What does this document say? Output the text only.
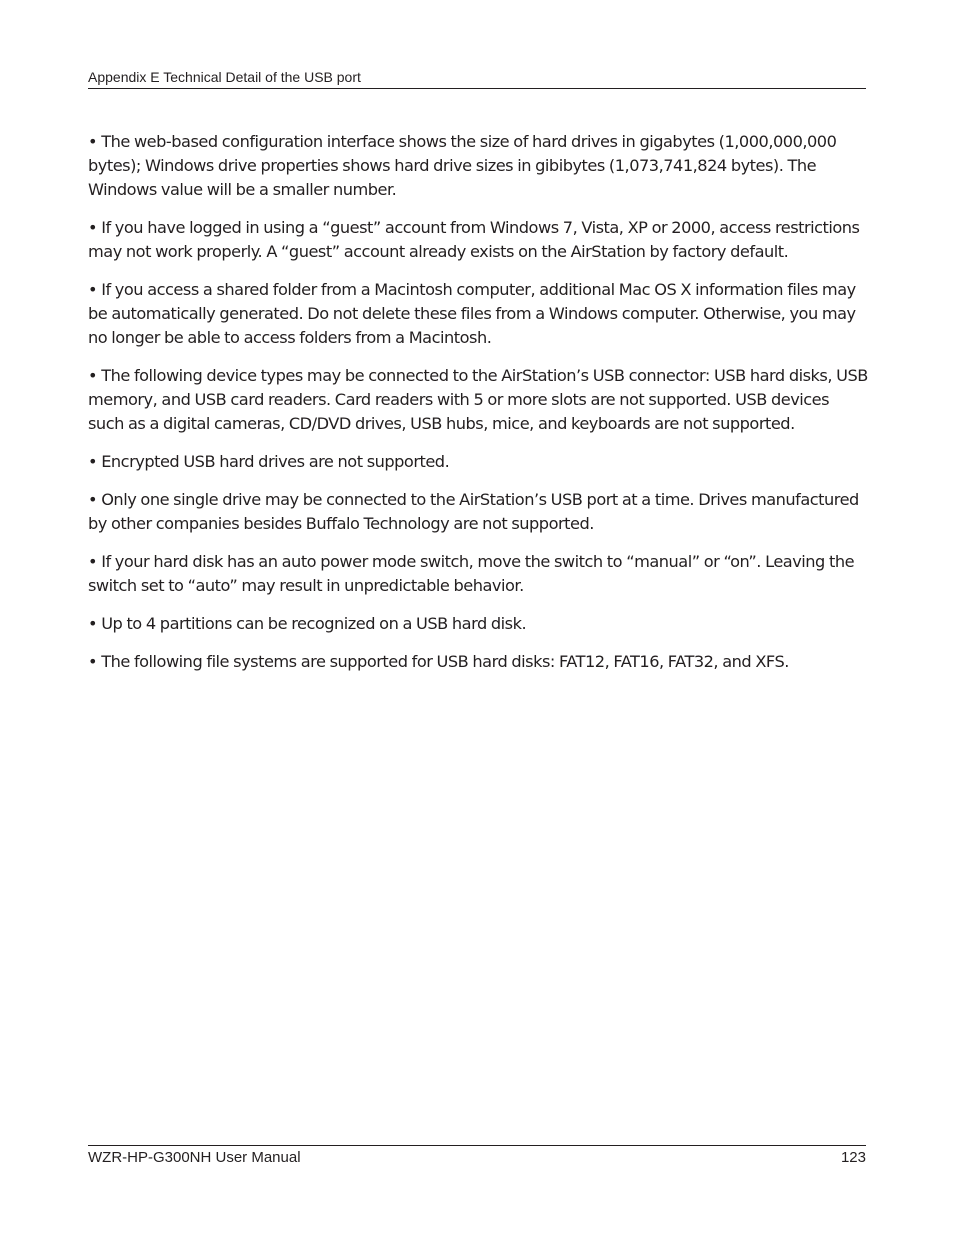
Appendix E Technical Detail of the USB port

• The web-based configuration interface shows the size of hard drives in gigabytes (1,000,000,000 bytes); Windows drive properties shows hard drive sizes in gibibytes (1,073,741,824 bytes). The Windows value will be a smaller number.

• If you have logged in using a “guest” account from Windows 7, Vista, XP or 2000, access restrictions may not work properly. A “guest” account already exists on the AirStation by factory default.

• If you access a shared folder from a Macintosh computer, additional Mac OS X information files may be automatically generated. Do not delete these files from a Windows computer. Otherwise, you may no longer be able to access folders from a Macintosh.

• The following device types may be connected to the AirStation’s USB connector: USB hard disks, USB memory, and USB card readers. Card readers with 5 or more slots are not supported. USB devices such as a digital cameras, CD/DVD drives, USB hubs, mice, and keyboards are not supported.

• Encrypted USB hard drives are not supported.

• Only one single drive may be connected to the AirStation’s USB port at a time. Drives manufactured by other companies besides Buffalo Technology are not supported.

• If your hard disk has an auto power mode switch, move the switch to “manual” or “on”. Leaving the switch set to “auto” may result in unpredictable behavior.

• Up to 4 partitions can be recognized on a USB hard disk.

• The following file systems are supported for USB hard disks: FAT12, FAT16, FAT32, and XFS.

WZR-HP-G300NH User Manual	123
